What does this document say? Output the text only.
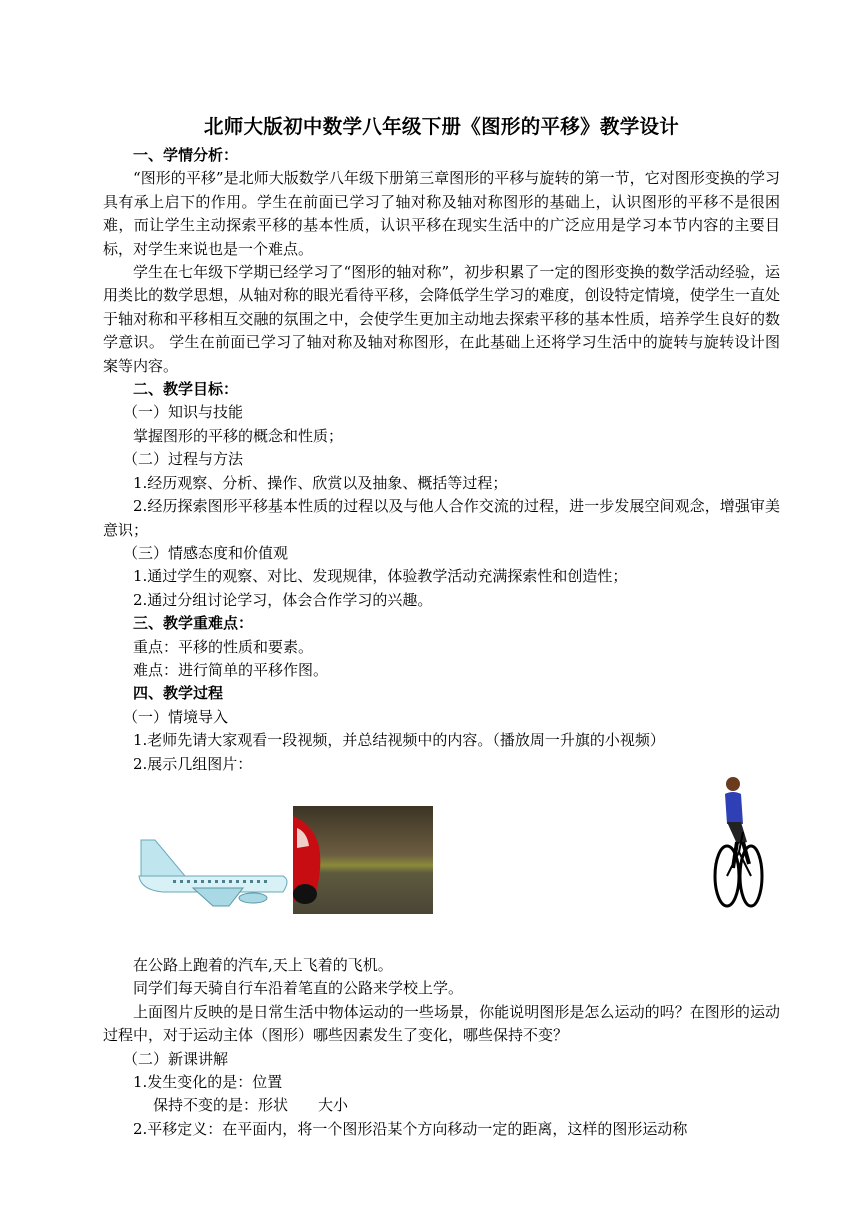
北师大版初中数学八年级下册《图形的平移》教学设计

一、学情分析：

“图形的平移”是北师大版数学八年级下册第三章图形的平移与旋转的第一节，它对图形变换的学习具有承上启下的作用。学生在前面已学习了轴对称及轴对称图形的基础上，认识图形的平移不是很困难，而让学生主动探索平移的基本性质，认识平移在现实生活中的广泛应用是学习本节内容的主要目标，对学生来说也是一个难点。

学生在七年级下学期已经学习了“图形的轴对称”，初步积累了一定的图形变换的数学活动经验，运用类比的数学思想，从轴对称的眼光看待平移，会降低学生学习的难度，创设特定情境，使学生一直处于轴对称和平移相互交融的氛围之中，会使学生更加主动地去探索平移的基本性质，培养学生良好的数学意识。 学生在前面已学习了轴对称及轴对称图形，在此基础上还将学习生活中的旋转与旋转设计图案等内容。

二、教学目标：

（一）知识与技能

掌握图形的平移的概念和性质；

（二）过程与方法

1.经历观察、分析、操作、欣赏以及抽象、概括等过程；

2.经历探索图形平移基本性质的过程以及与他人合作交流的过程，进一步发展空间观念，增强审美意识；

（三）情感态度和价值观

1.通过学生的观察、对比、发现规律，体验教学活动充满探索性和创造性；

2.通过分组讨论学习，体会合作学习的兴趣。

三、教学重难点：

重点：平移的性质和要素。

难点：进行简单的平移作图。

四、教学过程

（一）情境导入

1.老师先请大家观看一段视频，并总结视频中的内容。（播放周一升旗的小视频）

2.展示几组图片：

在公路上跑着的汽车,天上飞着的飞机。

同学们每天骑自行车沿着笔直的公路来学校上学。

上面图片反映的是日常生活中物体运动的一些场景，你能说明图形是怎么运动的吗？在图形的运动过程中，对于运动主体（图形）哪些因素发生了变化，哪些保持不变？

（二）新课讲解

1.发生变化的是：位置

保持不变的是：形状 大小

2.平移定义：在平面内，将一个图形沿某个方向移动一定的距离，这样的图形运动称
